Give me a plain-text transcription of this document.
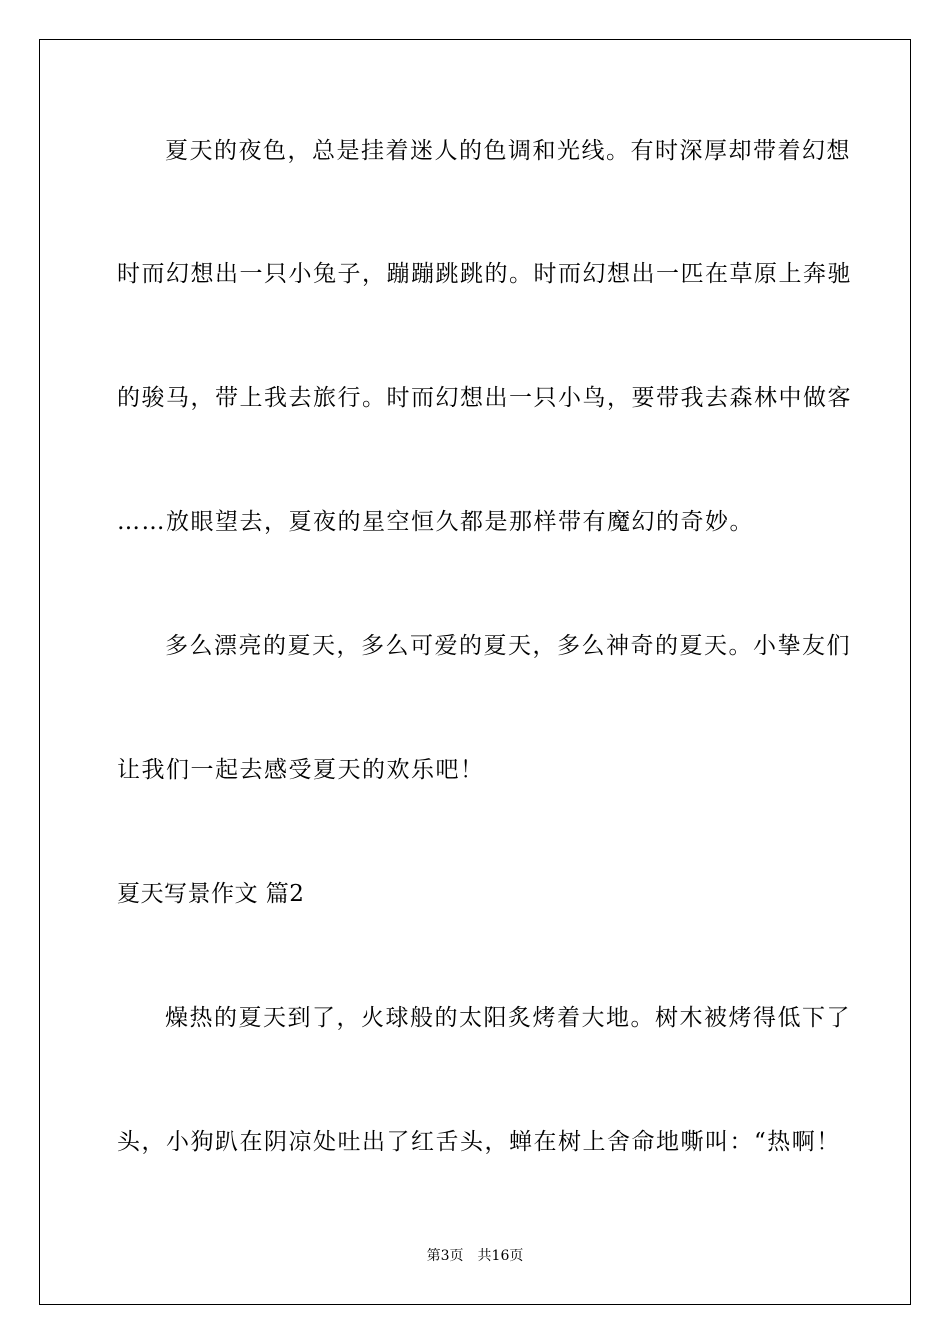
夏天的夜色，总是挂着迷人的色调和光线。有时深厚却带着幻想
时而幻想出一只小兔子，蹦蹦跳跳的。时而幻想出一匹在草原上奔驰
的骏马，带上我去旅行。时而幻想出一只小鸟，要带我去森林中做客
……放眼望去，夏夜的星空恒久都是那样带有魔幻的奇妙。
多么漂亮的夏天，多么可爱的夏天，多么神奇的夏天。小挚友们
让我们一起去感受夏天的欢乐吧！
夏天写景作文 篇2
燥热的夏天到了，火球般的太阳炙烤着大地。树木被烤得低下了
头，小狗趴在阴凉处吐出了红舌头，蝉在树上舍命地嘶叫：“热啊！
第3页 共16页
